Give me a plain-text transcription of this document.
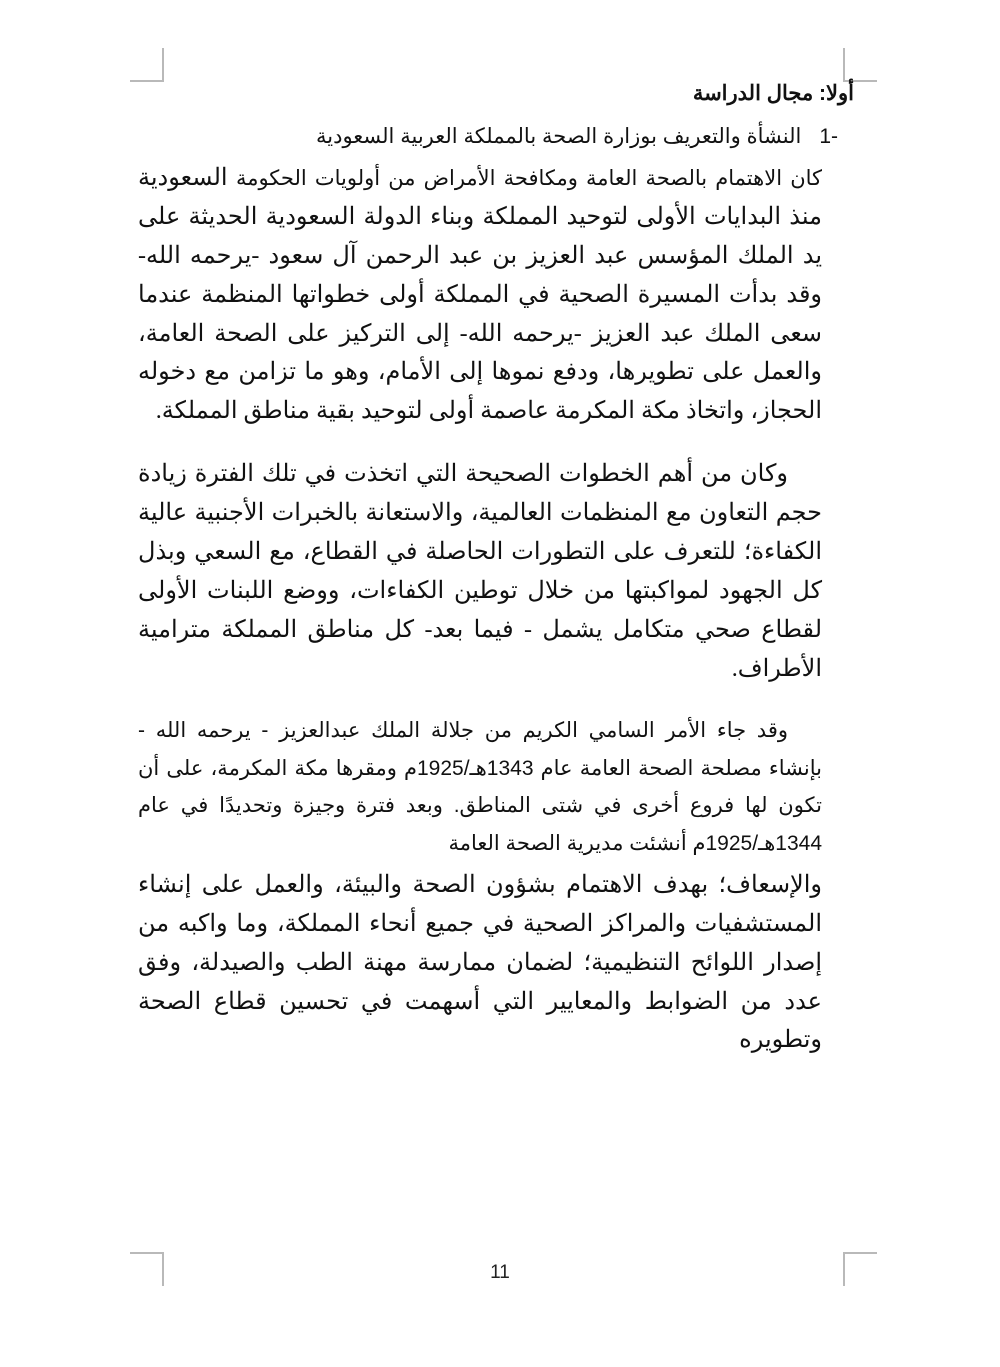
أولا: مجال الدراسة
-1
النشأة والتعريف بوزارة الصحة بالمملكة العربية السعودية

كان الاهتمام بالصحة العامة ومكافحة الأمراض من أولويات الحكومة السعودية منذ البدايات الأولى لتوحيد المملكة وبناء الدولة السعودية الحديثة على يد الملك المؤسس عبد العزيز بن عبد الرحمن آل سعود -يرحمه الله- وقد بدأت المسيرة الصحية في المملكة أولى خطواتها المنظمة عندما سعى الملك عبد العزيز -يرحمه الله- إلى التركيز على الصحة العامة، والعمل على تطويرها، ودفع نموها إلى الأمام، وهو ما تزامن مع دخوله الحجاز، واتخاذ مكة المكرمة عاصمة أولى لتوحيد بقية مناطق المملكة.

وكان من أهم الخطوات الصحيحة التي اتخذت في تلك الفترة زيادة حجم التعاون مع المنظمات العالمية، والاستعانة بالخبرات الأجنبية عالية الكفاءة؛ للتعرف على التطورات الحاصلة في القطاع، مع السعي وبذل كل الجهود لمواكبتها من خلال توطين الكفاءات، ووضع اللبنات الأولى لقطاع صحي متكامل يشمل - فيما بعد- كل مناطق المملكة مترامية الأطراف.

وقد جاء الأمر السامي الكريم من جلالة الملك عبدالعزيز - يرحمه الله - بإنشاء مصلحة الصحة العامة عام 1343هـ/1925م ومقرها مكة المكرمة، على أن تكون لها فروع أخرى في شتى المناطق. وبعد فترة وجيزة وتحديدًا في عام 1344هـ/1925م أنشئت مديرية الصحة العامة

والإسعاف؛ بهدف الاهتمام بشؤون الصحة والبيئة، والعمل على إنشاء المستشفيات والمراكز الصحية في جميع أنحاء المملكة، وما واكبه من إصدار اللوائح التنظيمية؛ لضمان ممارسة مهنة الطب والصيدلة، وفق عدد من الضوابط والمعايير التي أسهمت في تحسين قطاع الصحة وتطويره

11
